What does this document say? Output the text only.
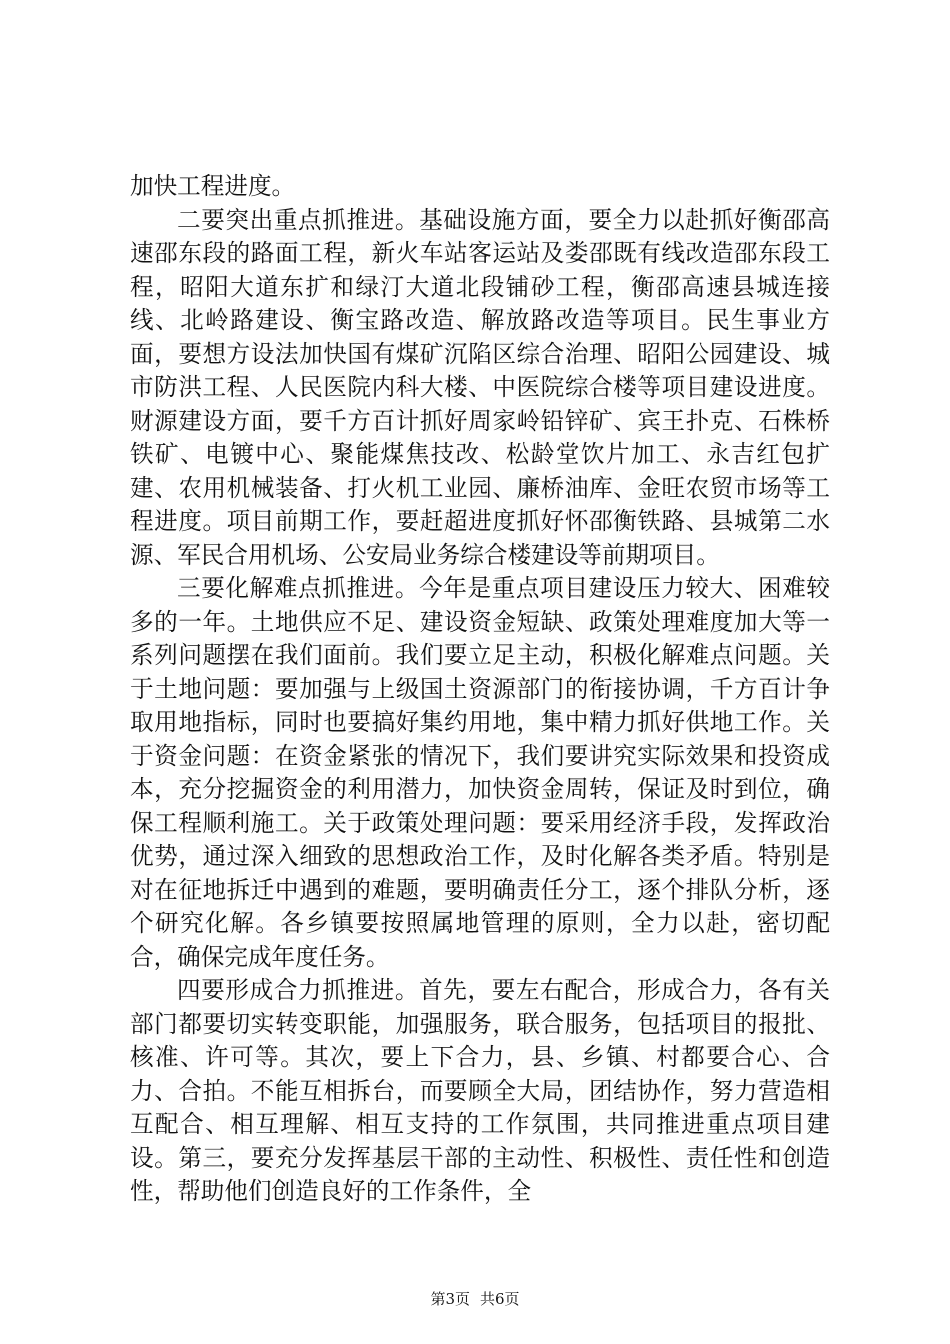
加快工程进度。

二要突出重点抓推进。基础设施方面，要全力以赴抓好衡邵高速邵东段的路面工程，新火车站客运站及娄邵既有线改造邵东段工程，昭阳大道东扩和绿汀大道北段铺砂工程，衡邵高速县城连接线、北岭路建设、衡宝路改造、解放路改造等项目。民生事业方面，要想方设法加快国有煤矿沉陷区综合治理、昭阳公园建设、城市防洪工程、人民医院内科大楼、中医院综合楼等项目建设进度。财源建设方面，要千方百计抓好周家岭铅锌矿、宾王扑克、石株桥铁矿、电镀中心、聚能煤焦技改、松龄堂饮片加工、永吉红包扩建、农用机械装备、打火机工业园、廉桥油库、金旺农贸市场等工程进度。项目前期工作，要赶超进度抓好怀邵衡铁路、县城第二水源、军民合用机场、公安局业务综合楼建设等前期项目。

三要化解难点抓推进。今年是重点项目建设压力较大、困难较多的一年。土地供应不足、建设资金短缺、政策处理难度加大等一系列问题摆在我们面前。我们要立足主动，积极化解难点问题。关于土地问题：要加强与上级国土资源部门的衔接协调，千方百计争取用地指标，同时也要搞好集约用地，集中精力抓好供地工作。关于资金问题：在资金紧张的情况下，我们要讲究实际效果和投资成本，充分挖掘资金的利用潜力，加快资金周转，保证及时到位，确保工程顺利施工。关于政策处理问题：要采用经济手段，发挥政治优势，通过深入细致的思想政治工作，及时化解各类矛盾。特别是对在征地拆迁中遇到的难题，要明确责任分工，逐个排队分析，逐个研究化解。各乡镇要按照属地管理的原则，全力以赴，密切配合，确保完成年度任务。

四要形成合力抓推进。首先，要左右配合，形成合力，各有关部门都要切实转变职能，加强服务，联合服务，包括项目的报批、核准、许可等。其次，要上下合力，县、乡镇、村都要合心、合力、合拍。不能互相拆台，而要顾全大局，团结协作，努力营造相互配合、相互理解、相互支持的工作氛围，共同推进重点项目建设。第三，要充分发挥基层干部的主动性、积极性、责任性和创造性，帮助他们创造良好的工作条件，全

第3页 共6页
